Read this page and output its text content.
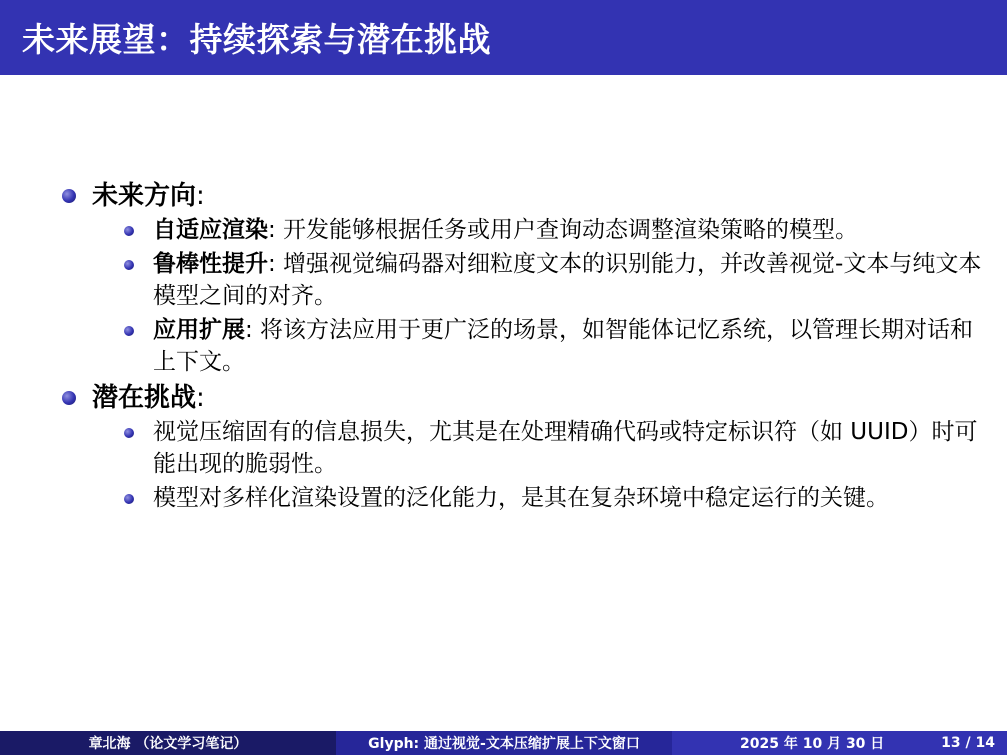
未来展望：持续探索与潜在挑战
未来方向:
自适应渲染: 开发能够根据任务或用户查询动态调整渲染策略的模型。
鲁棒性提升: 增强视觉编码器对细粒度文本的识别能力，并改善视觉-文本与纯文本模型之间的对齐。
应用扩展: 将该方法应用于更广泛的场景，如智能体记忆系统，以管理长期对话和上下文。
潜在挑战:
视觉压缩固有的信息损失，尤其是在处理精确代码或特定标识符（如 UUID）时可能出现的脆弱性。
模型对多样化渲染设置的泛化能力，是其在复杂环境中稳定运行的关键。
章北海 （论文学习笔记）	Glyph: 通过视觉-文本压缩扩展上下文窗口	2025 年 10 月 30 日	13 / 14
